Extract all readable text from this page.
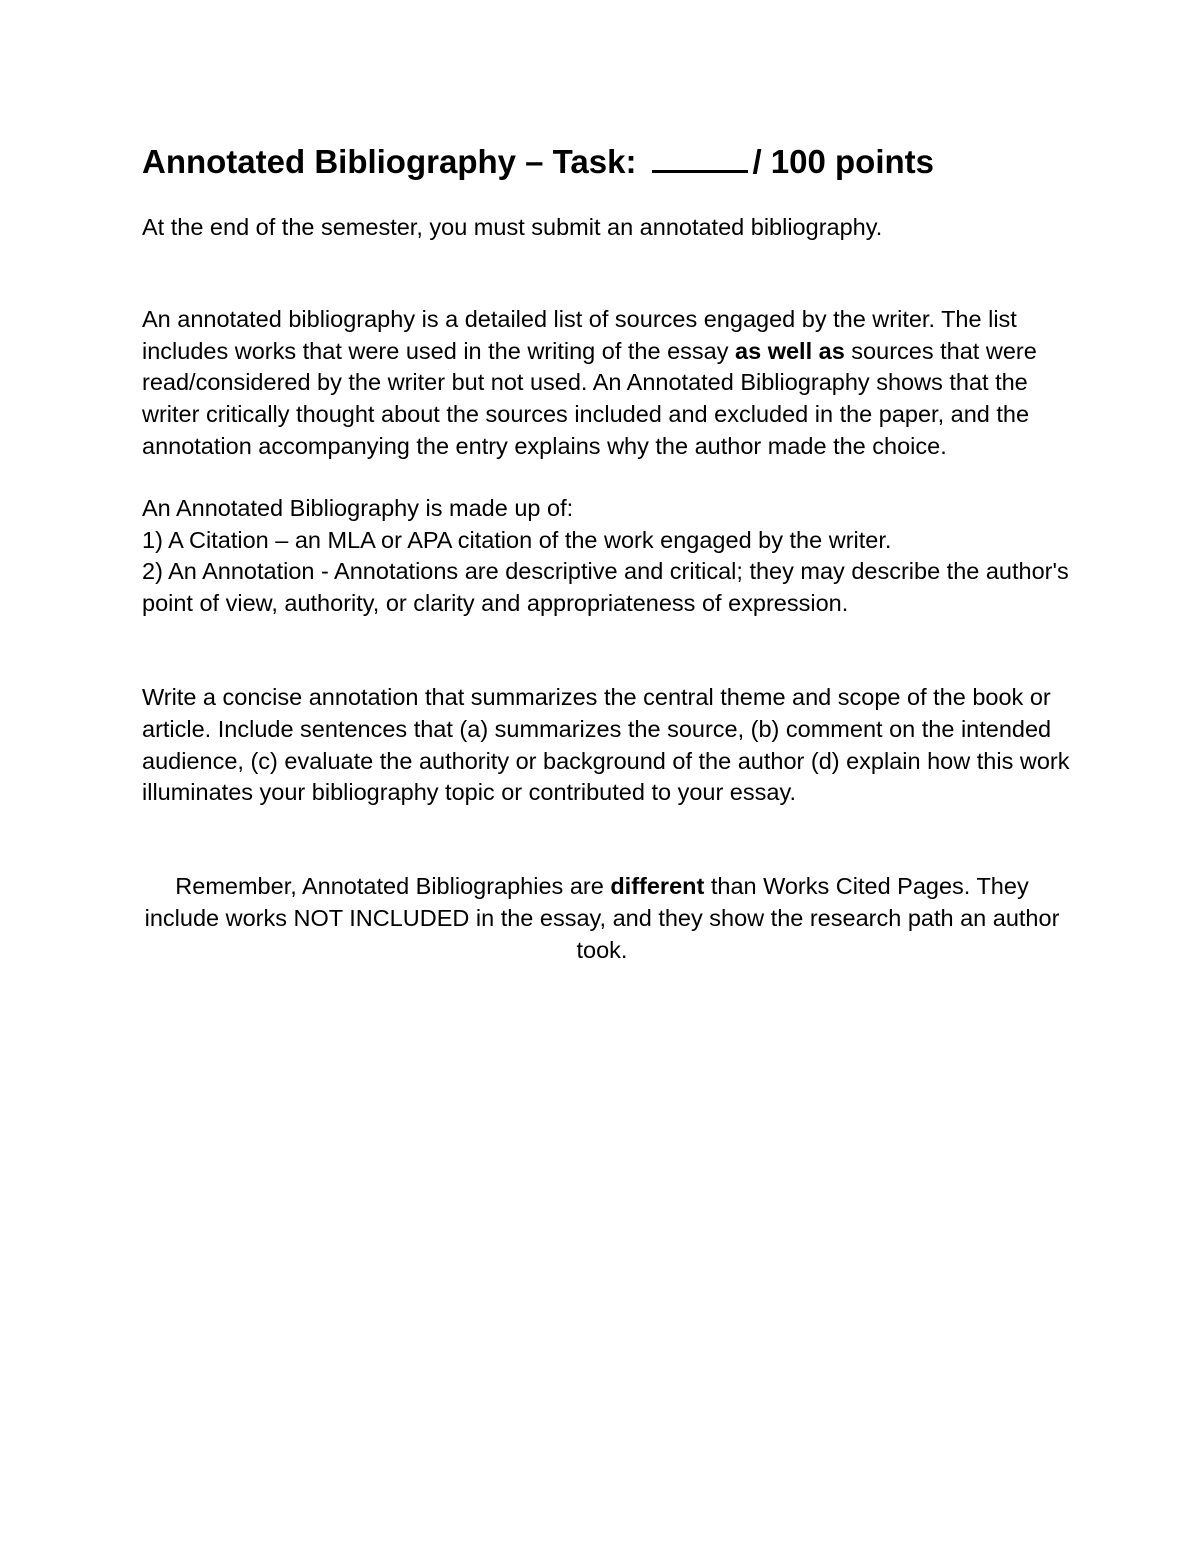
Annotated Bibliography – Task:	/ 100 points

At the end of the semester, you must submit an annotated bibliography.

An annotated bibliography is a detailed list of sources engaged by the writer. The list includes works that were used in the writing of the essay as well as sources that were read/considered by the writer but not used. An Annotated Bibliography shows that the writer critically thought about the sources included and excluded in the paper, and the annotation accompanying the entry explains why the author made the choice.

An Annotated Bibliography is made up of:

1) A Citation – an MLA or APA citation of the work engaged by the writer.

2) An Annotation - Annotations are descriptive and critical; they may describe the author's point of view, authority, or clarity and appropriateness of expression.

Write a concise annotation that summarizes the central theme and scope of the book or article. Include sentences that (a) summarizes the source, (b) comment on the intended audience, (c) evaluate the authority or background of the author (d) explain how this work illuminates your bibliography topic or contributed to your essay.

Remember, Annotated Bibliographies are different than Works Cited Pages. They include works NOT INCLUDED in the essay, and they show the research path an author took.
